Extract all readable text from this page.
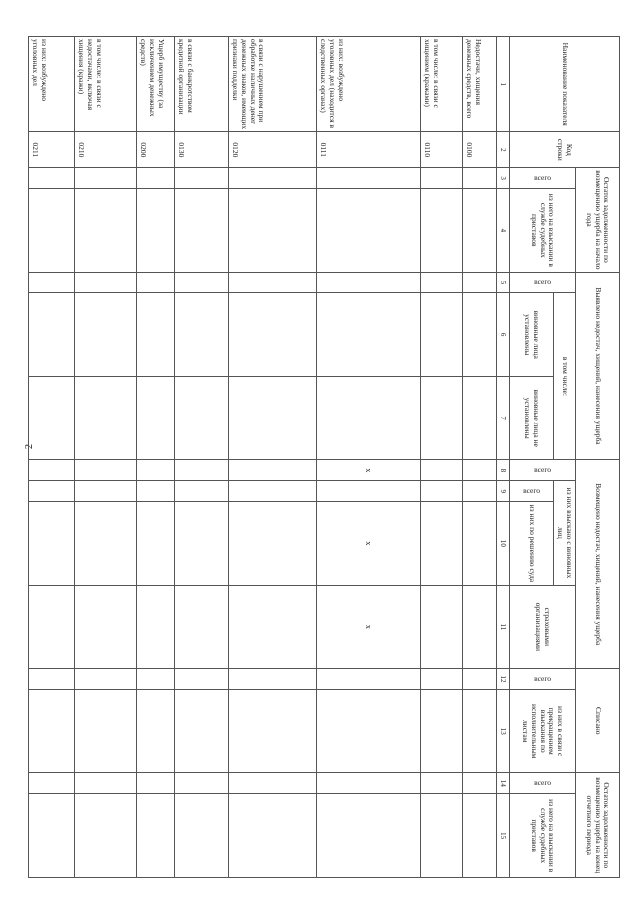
2
Наименование показателя	Код строки	Остаток задолженности по возмещению ущерба на начало года		Выявлено недостач, хищений, нанесения ущерба			Возмещено недостач, хищений, нанесения ущерба				Списано		Остаток задолженности по возмещению ущерба на конец отчетного периода	

		всего	из него на взыскании в службе судебных приставов	всего	в том числе:		всего	из них взыскано с виновных лиц		страховыми организациями	всего	из них в связи с прекращением взыскания по исполнительным листам	всего	из него на взыскании в службе судебных приставов
					виновные лица установлены	виновные лица не установлены		всего	из них по решению суда					
1	2	3	4	5	6	7	8	9	10	11	12	13	14	15
Недостачи, хищения денежных средств, всего	0100													
в том числе: в связи с хищением (кражами)	0110													
из них: возбуждено уголовных дел (находится в следственных органах)	0111						x		x	x				
в связи с нарушением при обработке наличных денег денежных знаков, имеющих признаки подделки	0120													
в связи с банкротством кредитной организации	0130													
Ущерб имуществу (за исключением денежных средств)	0200													
в том числе: в связи с недостачами, включая хищения (кражи)	0210													
из них: возбуждено уголовных дел	0211													
